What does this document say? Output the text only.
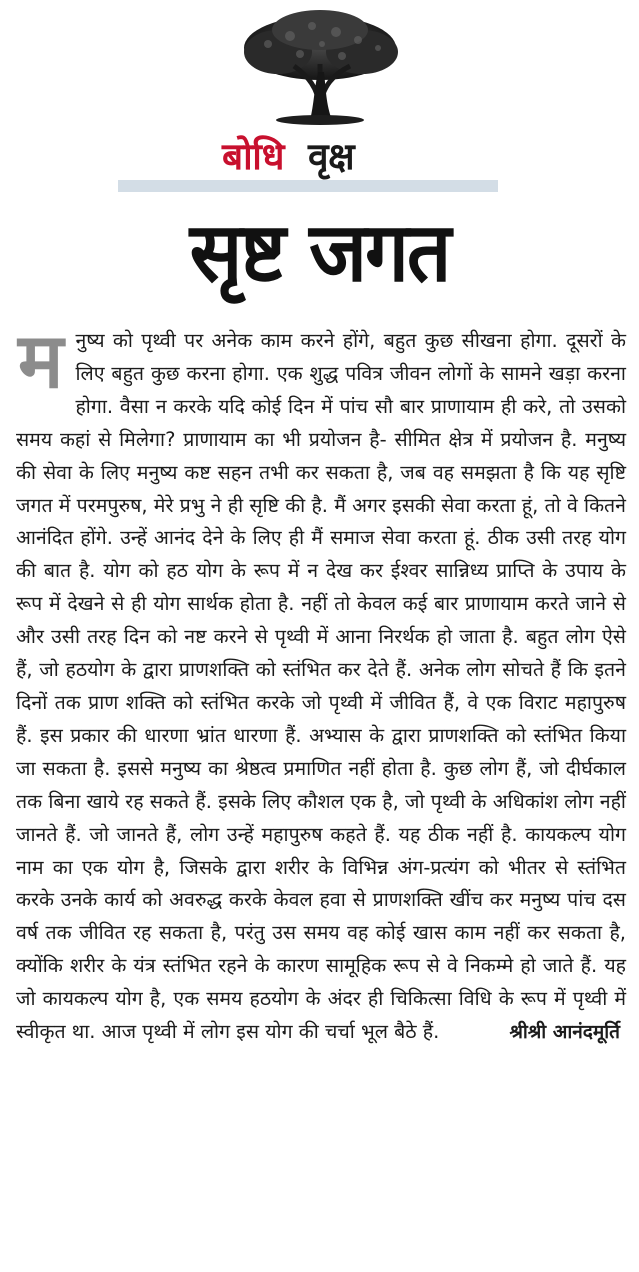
बोधि वृक्ष
सृष्ट जगत
म नुष्य को पृथ्वी पर अनेक काम करने होंगे, बहुत कुछ सीखना होगा. दूसरों के लिए बहुत कुछ करना होगा. एक शुद्ध पवित्र जीवन लोगों के सामने खड़ा करना होगा. वैसा न करके यदि कोई दिन में पांच सौ बार प्राणायाम ही करे, तो उसको समय कहां से मिलेगा? प्राणायाम का भी प्रयोजन है- सीमित क्षेत्र में प्रयोजन है. मनुष्य की सेवा के लिए मनुष्य कष्ट सहन तभी कर सकता है, जब वह समझता है कि यह सृष्टि जगत में परमपुरुष, मेरे प्रभु ने ही सृष्टि की है. मैं अगर इसकी सेवा करता हूं, तो वे कितने आनंदित होंगे. उन्हें आनंद देने के लिए ही मैं समाज सेवा करता हूं. ठीक उसी तरह योग की बात है. योग को हठ योग के रूप में न देख कर ईश्वर सान्निध्य प्राप्ति के उपाय के रूप में देखने से ही योग सार्थक होता है. नहीं तो केवल कई बार प्राणायाम करते जाने से और उसी तरह दिन को नष्ट करने से पृथ्वी में आना निरर्थक हो जाता है. बहुत लोग ऐसे हैं, जो हठयोग के द्वारा प्राणशक्ति को स्तंभित कर देते हैं. अनेक लोग सोचते हैं कि इतने दिनों तक प्राण शक्ति को स्तंभित करके जो पृथ्वी में जीवित हैं, वे एक विराट महापुरुष हैं. इस प्रकार की धारणा भ्रांत धारणा हैं. अभ्यास के द्वारा प्राणशक्ति को स्तंभित किया जा सकता है. इससे मनुष्य का श्रेष्ठत्व प्रमाणित नहीं होता है. कुछ लोग हैं, जो दीर्घकाल तक बिना खाये रह सकते हैं. इसके लिए कौशल एक है, जो पृथ्वी के अधिकांश लोग नहीं जानते हैं. जो जानते हैं, लोग उन्हें महापुरुष कहते हैं. यह ठीक नहीं है. कायकल्प योग नाम का एक योग है, जिसके द्वारा शरीर के विभिन्न अंग-प्रत्यंग को भीतर से स्तंभित करके उनके कार्य को अवरुद्ध करके केवल हवा से प्राणशक्ति खींच कर मनुष्य पांच दस वर्ष तक जीवित रह सकता है, परंतु उस समय वह कोई खास काम नहीं कर सकता है, क्योंकि शरीर के यंत्र स्तंभित रहने के कारण सामूहिक रूप से वे निकम्मे हो जाते हैं. यह जो कायकल्प योग है, एक समय हठयोग के अंदर ही चिकित्सा विधि के रूप में पृथ्वी में स्वीकृत था. आज पृथ्वी में लोग इस योग की चर्चा भूल बैठे हैं.	श्रीश्री आनंदमूर्ति
